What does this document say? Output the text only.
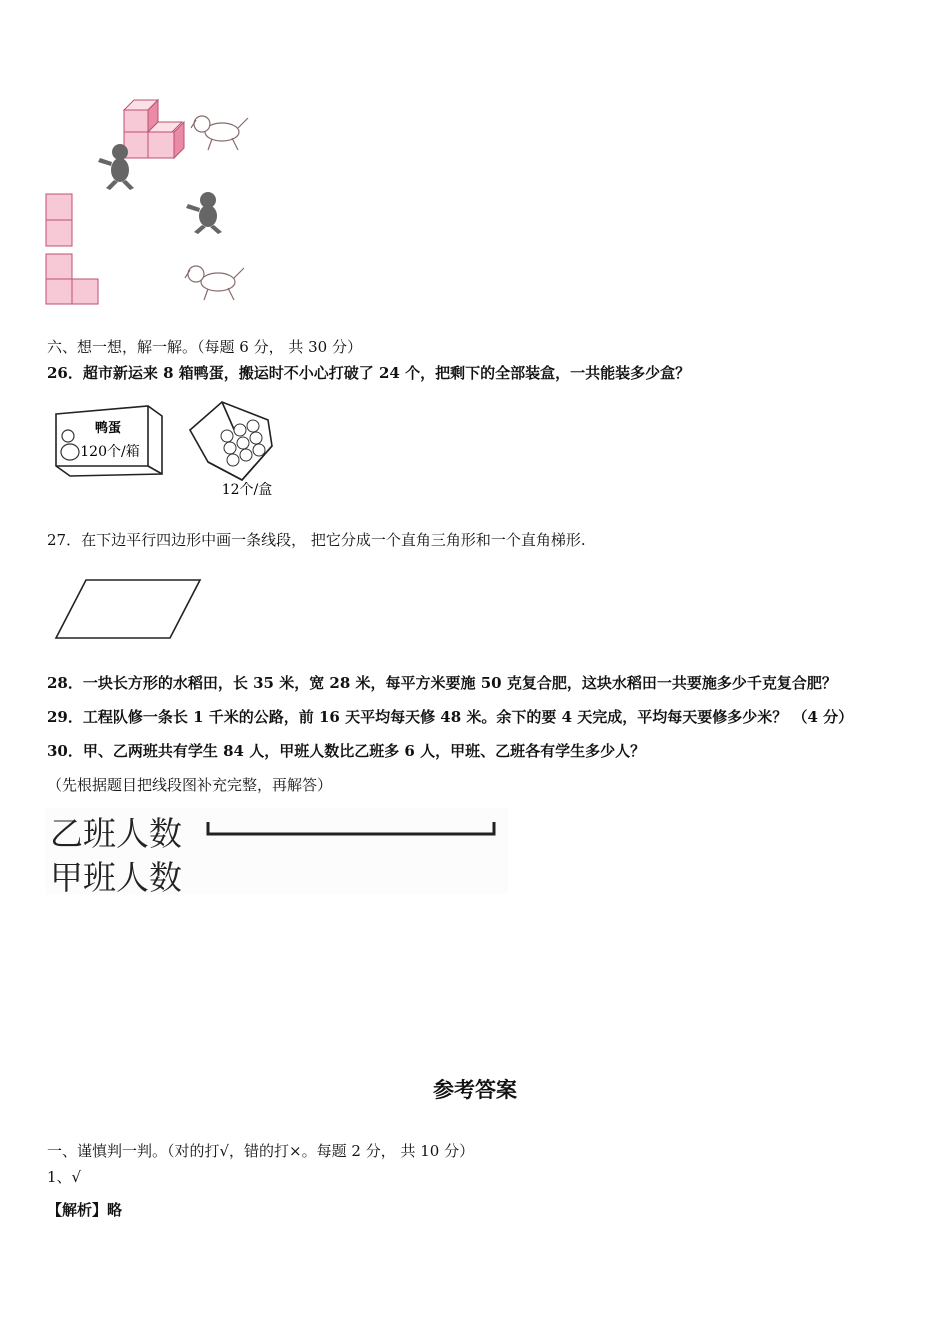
六、想一想，解一解。（每题 6 分， 共 30 分）
26．超市新运来 8 箱鸭蛋，搬运时不小心打破了 24 个，把剩下的全部装盒，一共能装多少盒？
鸭蛋
120个/箱
12个/盒
27．在下边平行四边形中画一条线段， 把它分成一个直角三角形和一个直角梯形.
28．一块长方形的水稻田，长 35 米，宽 28 米，每平方米要施 50 克复合肥，这块水稻田一共要施多少千克复合肥？
29．工程队修一条长 1 千米的公路，前 16 天平均每天修 48 米。余下的要 4 天完成，平均每天要修多少米？ （4 分）
30．甲、乙两班共有学生 84 人，甲班人数比乙班多 6 人，甲班、乙班各有学生多少人？
（先根据题目把线段图补充完整，再解答）
乙班人数
甲班人数
参考答案
一、谨慎判一判。（对的打√，错的打×。每题 2 分， 共 10 分）
1、√
【解析】略
